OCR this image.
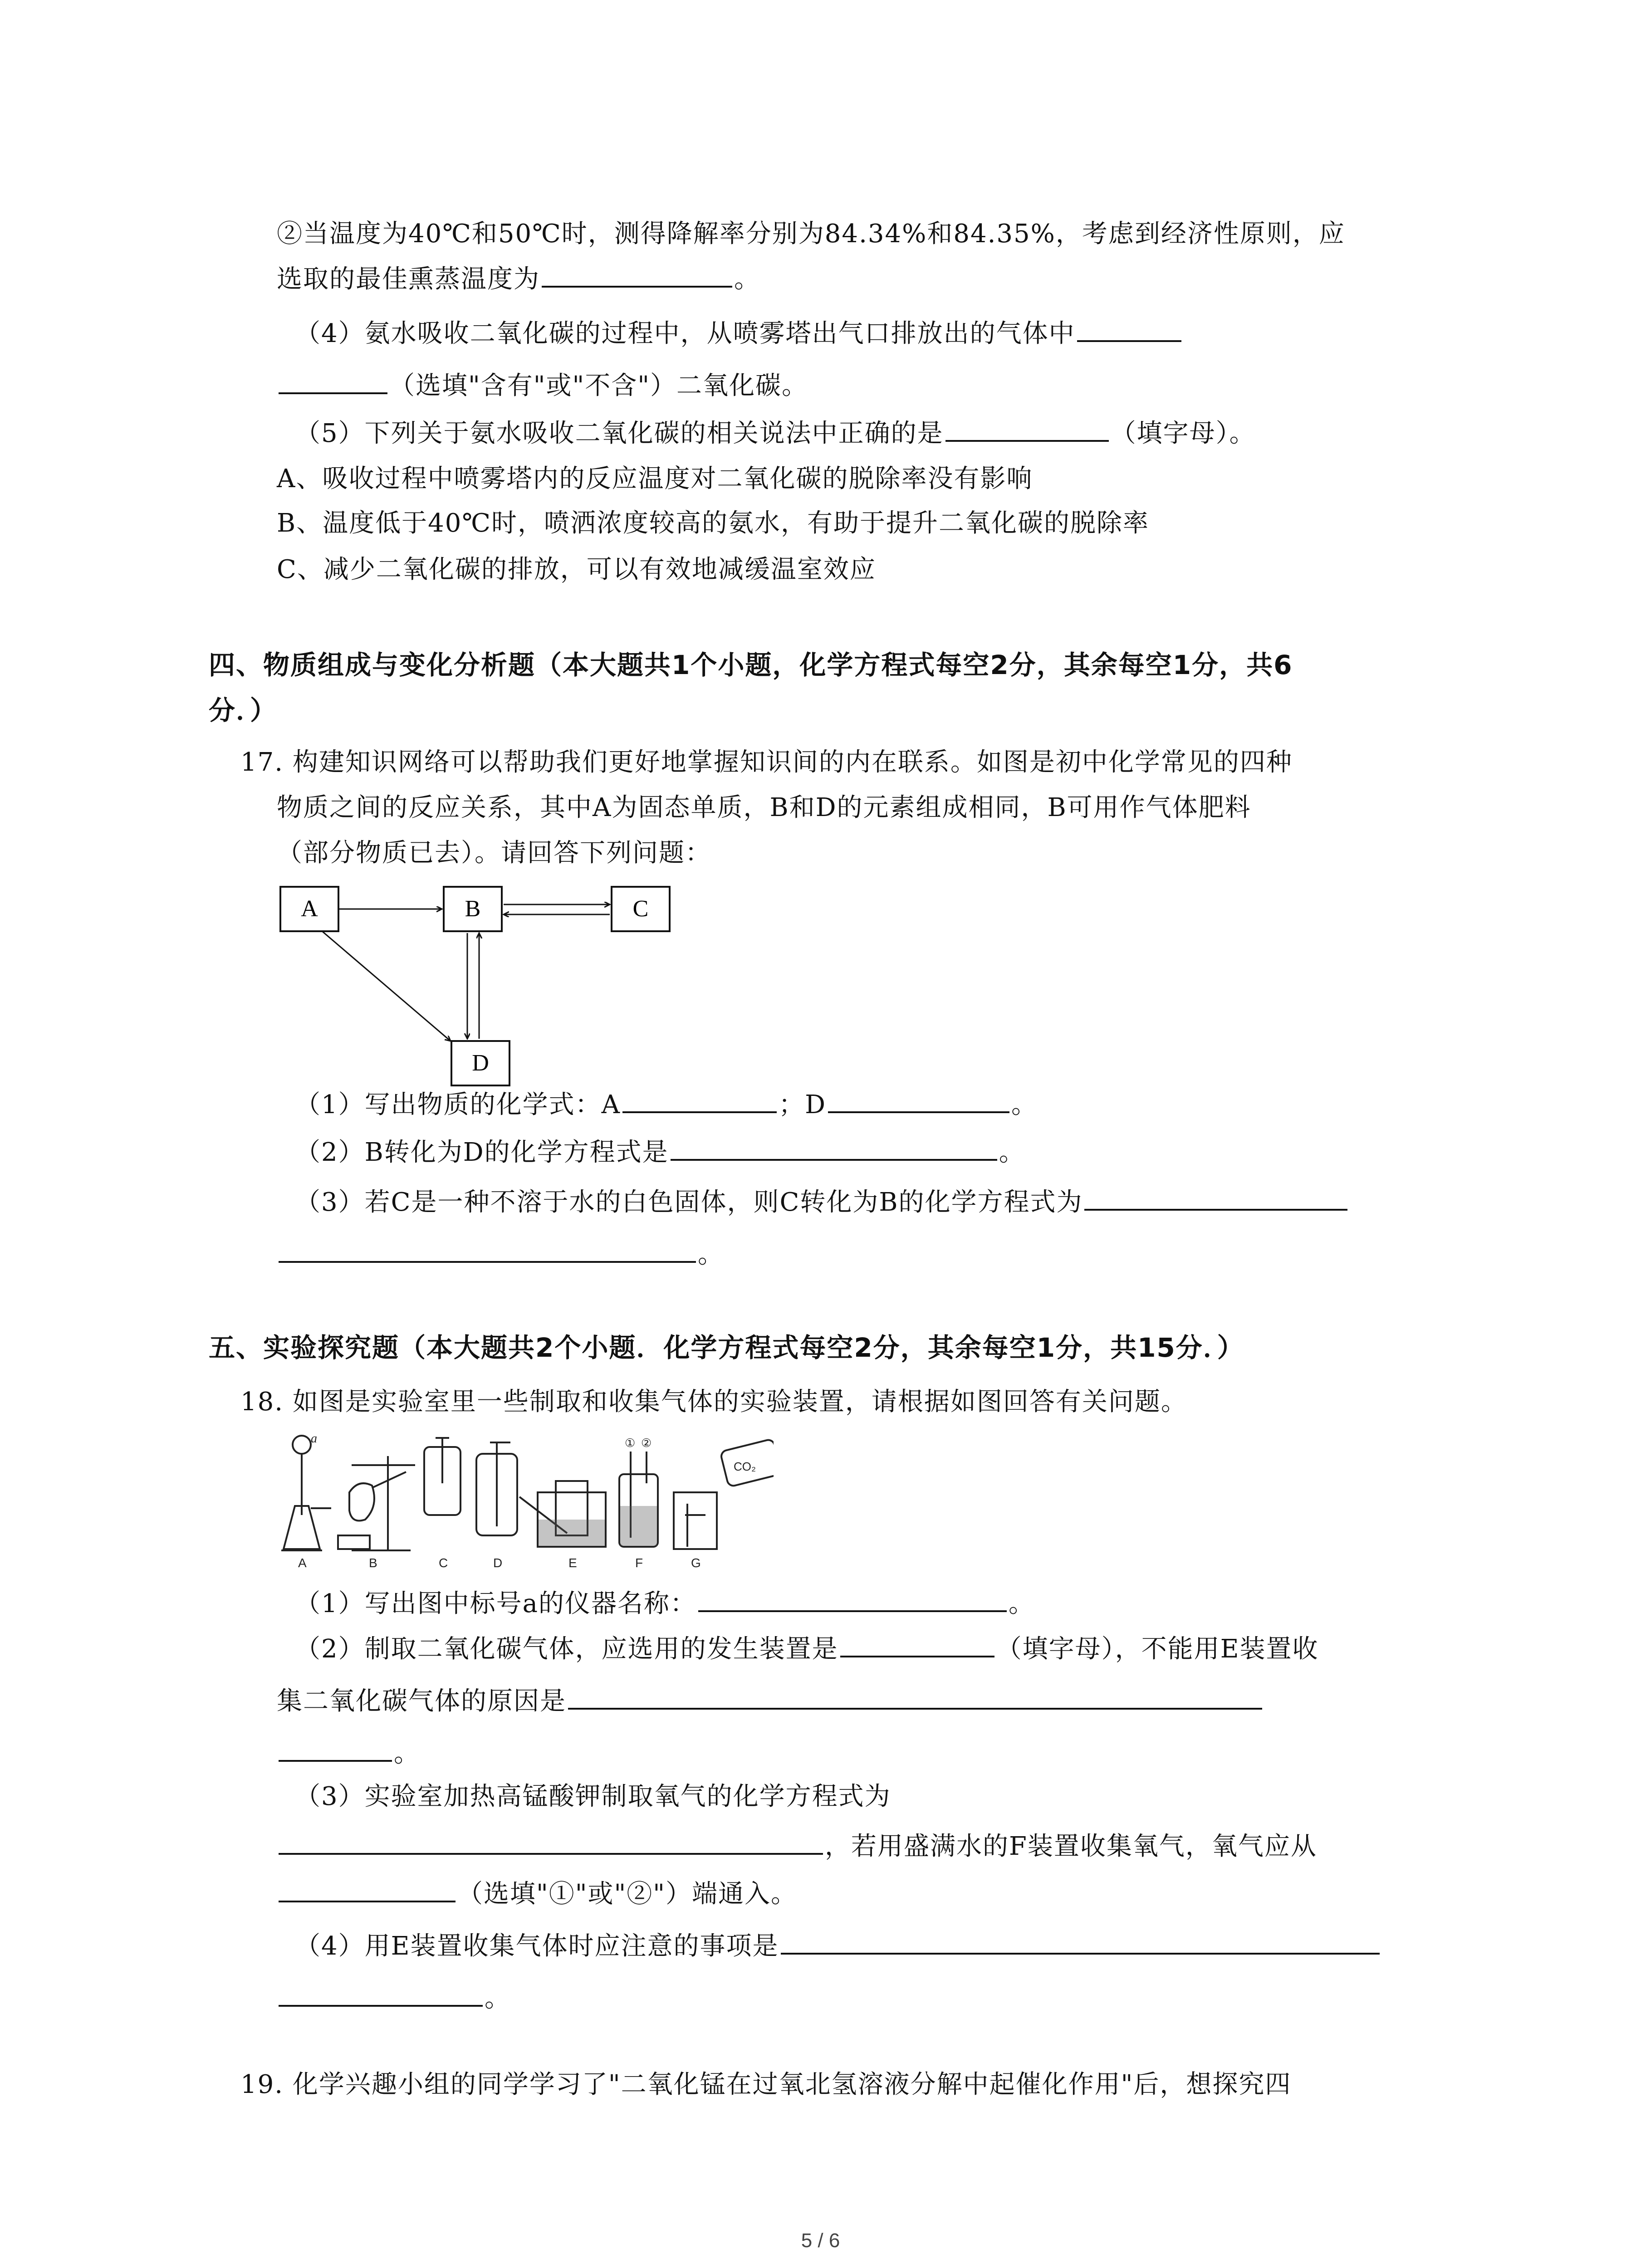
②当温度为40℃和50℃时，测得降解率分别为84.34%和84.35%，考虑到经济性原则，应
选取的最佳熏蒸温度为	。
（4）氨水吸收二氧化碳的过程中，从喷雾塔出气口排放出的气体中
（选填"含有"或"不含"）二氧化碳。
（5）下列关于氨水吸收二氧化碳的相关说法中正确的是	（填字母）。
A、吸收过程中喷雾塔内的反应温度对二氧化碳的脱除率没有影响
B、温度低于40℃时，喷洒浓度较高的氨水，有助于提升二氧化碳的脱除率
C、减少二氧化碳的排放，可以有效地减缓温室效应
四、物质组成与变化分析题（本大题共1个小题，化学方程式每空2分，其余每空1分，共6
分．）
17. 构建知识网络可以帮助我们更好地掌握知识间的内在联系。如图是初中化学常见的四种
物质之间的反应关系，其中A为固态单质，B和D的元素组成相同，B可用作气体肥料
（部分物质已去）。请回答下列问题：
A	B	C
D
（1）写出物质的化学式：A	；D	。
（2）B转化为D的化学方程式是	。
（3）若C是一种不溶于水的白色固体，则C转化为B的化学方程式为
。
五、实验探究题（本大题共2个小题．化学方程式每空2分，其余每空1分，共15分．）
18. 如图是实验室里一些制取和收集气体的实验装置，请根据如图回答有关问题。
a
CO₂
① ②
A	B	C	D	E	F	G
（1）写出图中标号a的仪器名称：	。
（2）制取二氧化碳气体，应选用的发生装置是	（填字母），不能用E装置收
集二氧化碳气体的原因是
。
（3）实验室加热高锰酸钾制取氧气的化学方程式为
，若用盛满水的F装置收集氧气，氧气应从
（选填"①"或"②"）端通入。
（4）用E装置收集气体时应注意的事项是
。
19. 化学兴趣小组的同学学习了"二氧化锰在过氧北氢溶液分解中起催化作用"后，想探究四
5 / 6
